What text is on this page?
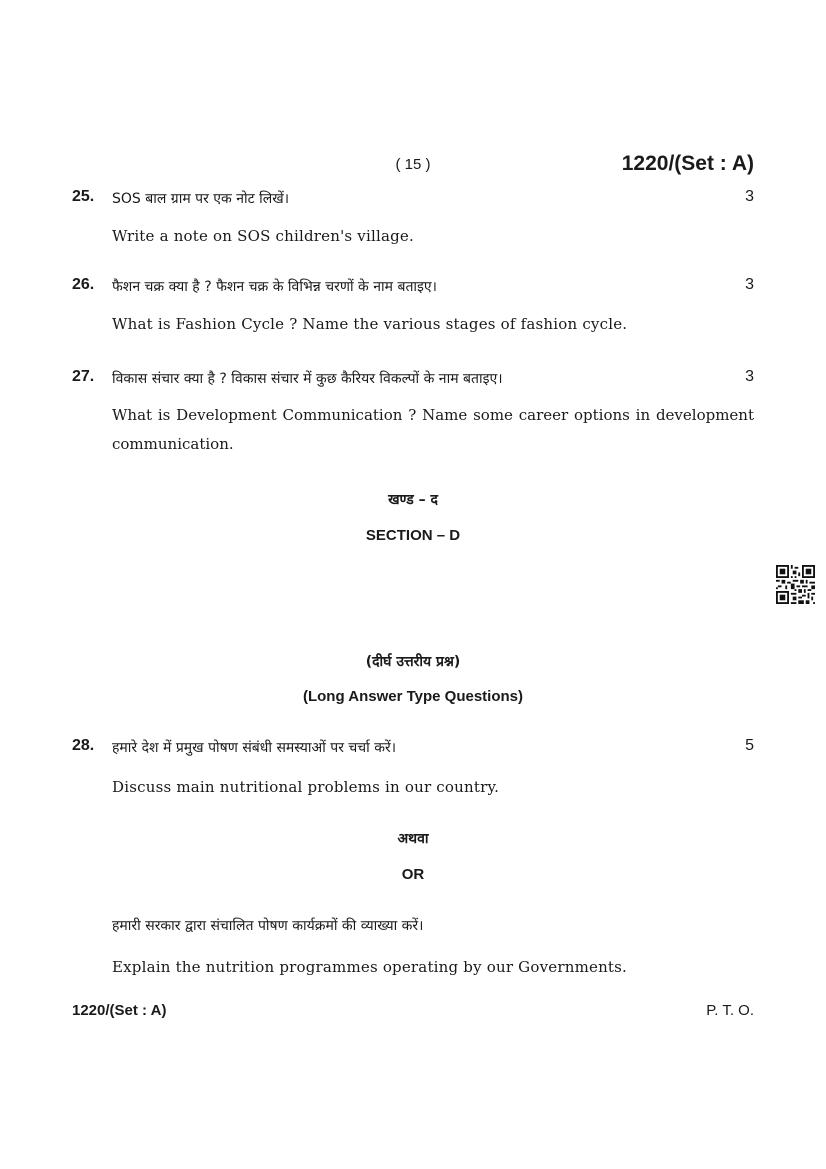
( 15 )	1220/(Set : A)
25.	SOS बाल ग्राम पर एक नोट लिखें।	3
Write a note on SOS children's village.
26.	फैशन चक्र क्या है ? फैशन चक्र के विभिन्न चरणों के नाम बताइए।	3
What is Fashion Cycle ? Name the various stages of fashion cycle.
27.	विकास संचार क्या है ? विकास संचार में कुछ कैरियर विकल्पों के नाम बताइए।	3
What is Development Communication ? Name some career options in development communication.
खण्ड – द
SECTION – D
(दीर्घ उत्तरीय प्रश्न)
(Long Answer Type Questions)
28.	हमारे देश में प्रमुख पोषण संबंधी समस्याओं पर चर्चा करें।	5
Discuss main nutritional problems in our country.
अथवा
OR
हमारी सरकार द्वारा संचालित पोषण कार्यक्रमों की व्याख्या करें।
Explain the nutrition programmes operating by our Governments.
1220/(Set : A)	P. T. O.
